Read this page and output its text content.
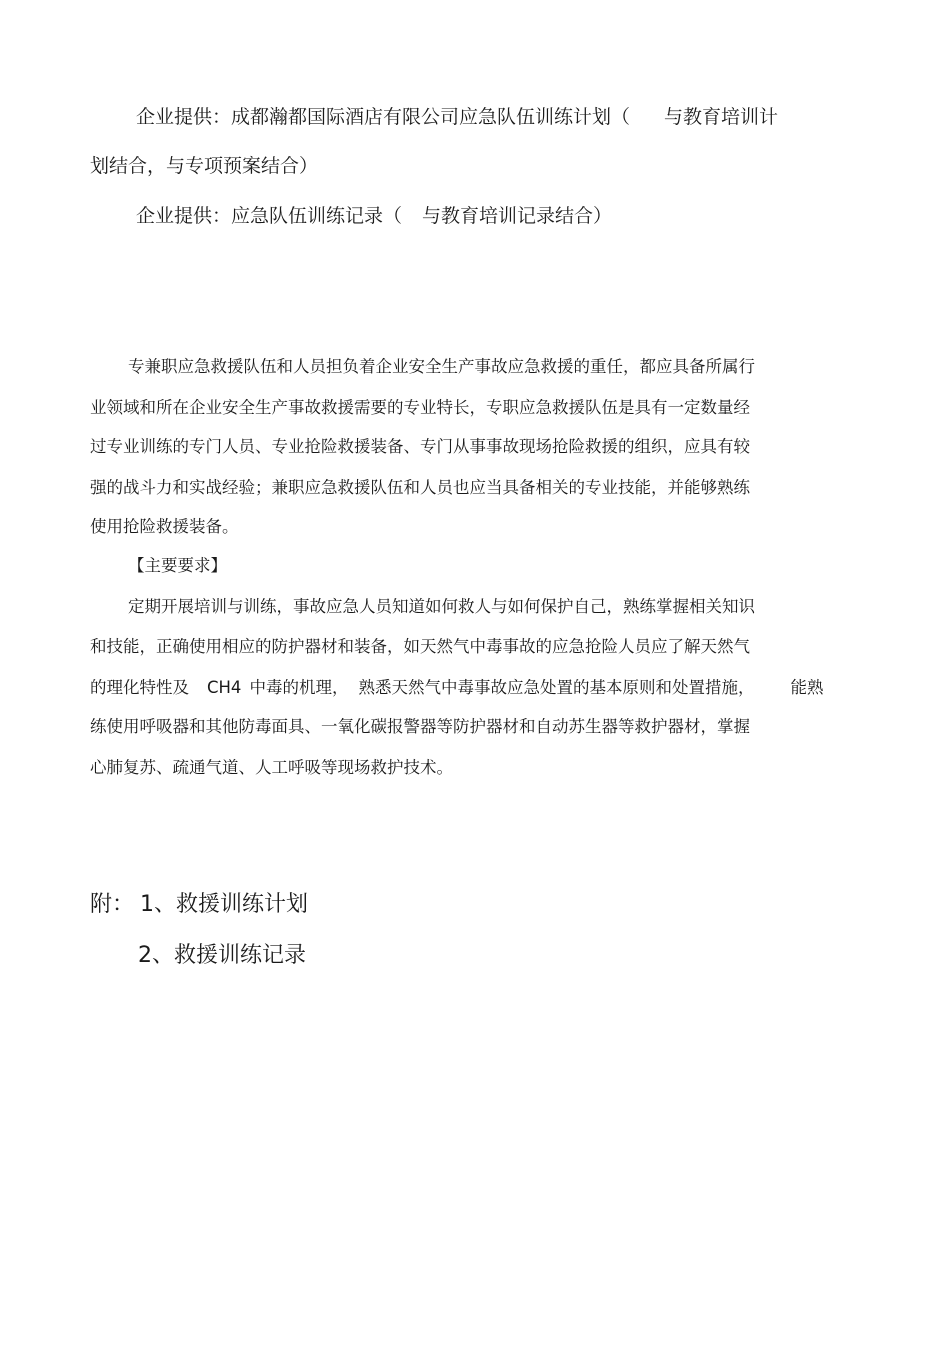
企业提供：成都瀚都国际酒店有限公司应急队伍训练计划（ 与教育培训计
划结合，与专项预案结合）
企业提供：应急队伍训练记录（ 与教育培训记录结合）
专兼职应急救援队伍和人员担负着企业安全生产事故应急救援的重任，都应具备所属行
业领域和所在企业安全生产事故救援需要的专业特长，专职应急救援队伍是具有一定数量经
过专业训练的专门人员、专业抢险救援装备、专门从事事故现场抢险救援的组织，应具有较
强的战斗力和实战经验；兼职应急救援队伍和人员也应当具备相关的专业技能，并能够熟练
使用抢险救援装备。
【主要要求】
定期开展培训与训练，事故应急人员知道如何救人与如何保护自己，熟练掌握相关知识
和技能，正确使用相应的防护器材和装备，如天然气中毒事故的应急抢险人员应了解天然气
的理化特性及 CH4 中毒的机理， 熟悉天然气中毒事故应急处置的基本原则和处置措施， 能熟
练使用呼吸器和其他防毒面具、一氧化碳报警器等防护器材和自动苏生器等救护器材，掌握
心肺复苏、疏通气道、人工呼吸等现场救护技术。
附： 1、救援训练计划
2、救援训练记录
